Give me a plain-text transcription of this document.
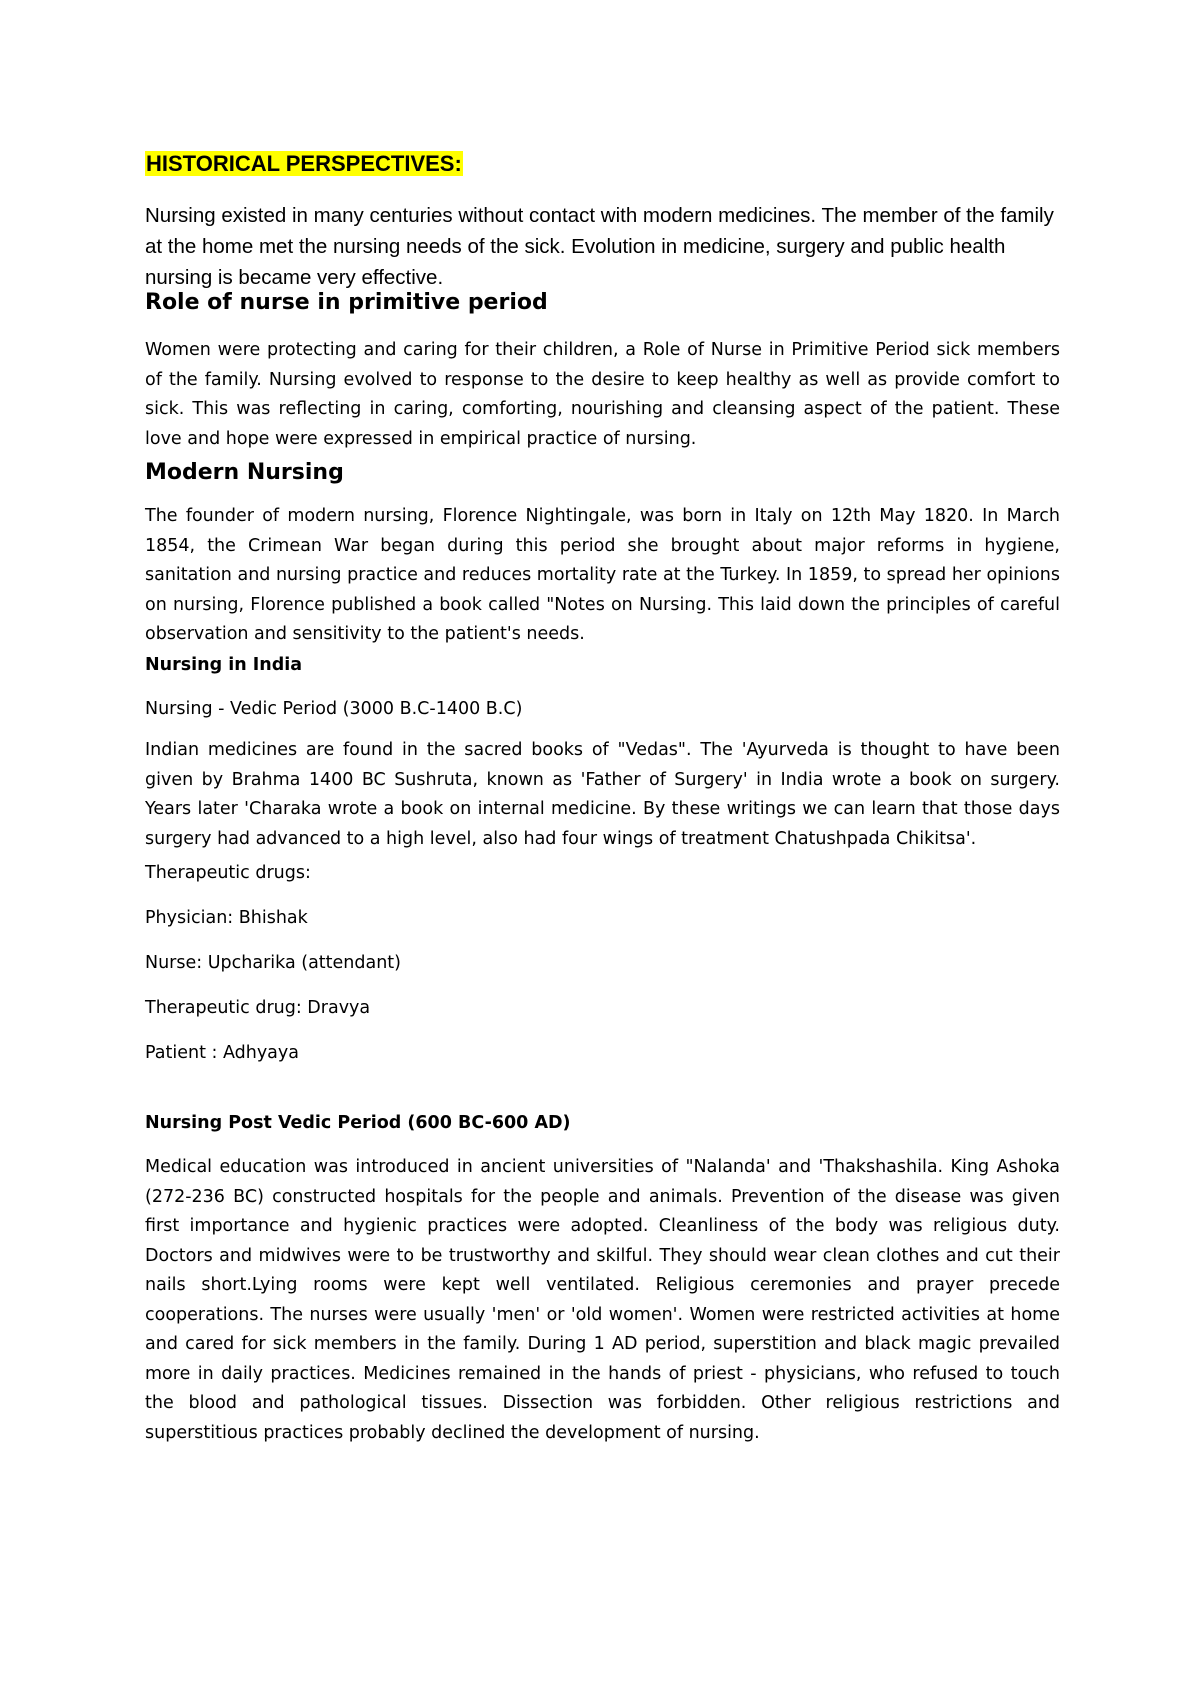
HISTORICAL PERSPECTIVES:

Nursing existed in many centuries without contact with modern medicines. The member of the family at the home met the nursing needs of the sick. Evolution in medicine, surgery and public health nursing is became very effective.

Role of nurse in primitive period

Women were protecting and caring for their children, a Role of Nurse in Primitive Period sick members of the family. Nursing evolved to response to the desire to keep healthy as well as provide comfort to sick. This was reflecting in caring, comforting, nourishing and cleansing aspect of the patient. These love and hope were expressed in empirical practice of nursing.

Modern Nursing

The founder of modern nursing, Florence Nightingale, was born in Italy on 12th May 1820. In March 1854, the Crimean War began during this period she brought about major reforms in hygiene, sanitation and nursing practice and reduces mortality rate at the Turkey. In 1859, to spread her opinions on nursing, Florence published a book called "Notes on Nursing. This laid down the principles of careful observation and sensitivity to the patient's needs.

Nursing in India

Nursing - Vedic Period (3000 B.C-1400 B.C)

Indian medicines are found in the sacred books of "Vedas". The 'Ayurveda is thought to have been given by Brahma 1400 BC Sushruta, known as 'Father of Surgery' in India wrote a book on surgery. Years later 'Charaka wrote a book on internal medicine. By these writings we can learn that those days surgery had advanced to a high level, also had four wings of treatment Chatushpada Chikitsa'.

Therapeutic drugs:

Physician: Bhishak

Nurse: Upcharika (attendant)

Therapeutic drug: Dravya

Patient : Adhyaya

Nursing Post Vedic Period (600 BC-600 AD)

Medical education was introduced in ancient universities of "Nalanda' and 'Thakshashila. King Ashoka (272-236 BC) constructed hospitals for the people and animals. Prevention of the disease was given first importance and hygienic practices were adopted. Cleanliness of the body was religious duty. Doctors and midwives were to be trustworthy and skilful. They should wear clean clothes and cut their nails short.Lying rooms were kept well ventilated. Religious ceremonies and prayer precede cooperations. The nurses were usually 'men' or 'old women'. Women were restricted activities at home and cared for sick members in the family. During 1 AD period, superstition and black magic prevailed more in daily practices. Medicines remained in the hands of priest - physicians, who refused to touch the blood and pathological tissues. Dissection was forbidden. Other religious restrictions and superstitious practices probably declined the development of nursing.
